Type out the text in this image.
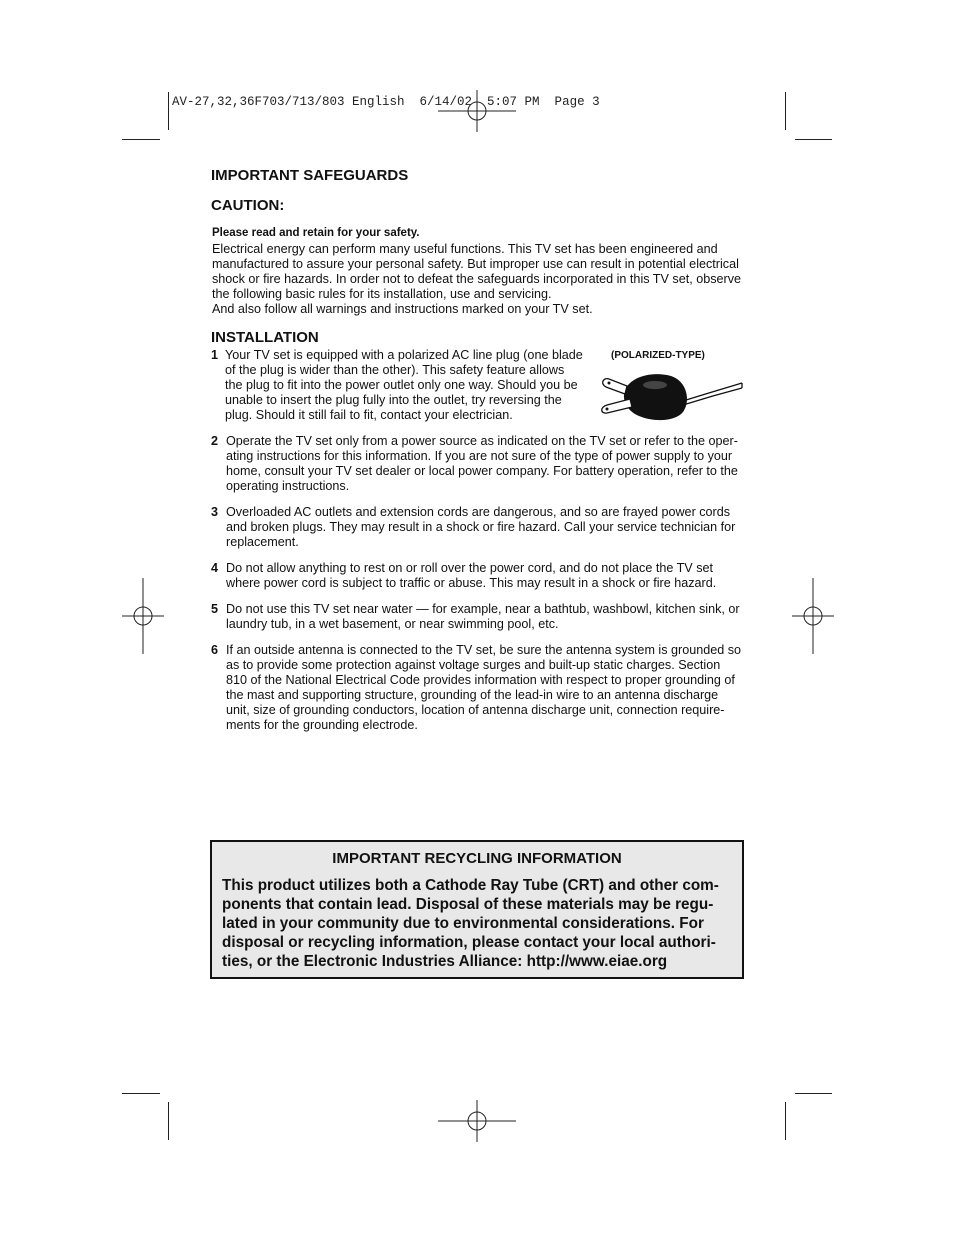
AV-27,32,36F703/713/803 English  6/14/02  5:07 PM  Page 3
IMPORTANT SAFEGUARDS
CAUTION:
Please read and retain for your safety.

Electrical energy can perform many useful functions. This TV set has been engineered and

manufactured to assure your personal safety. But improper use can result in potential electrical

shock or fire hazards. In order not to defeat the safeguards incorporated in this TV set, observe

the following basic rules for its installation, use and servicing.

And also follow all warnings and instructions marked on your TV set.

INSTALLATION
(POLARIZED-TYPE)
1 Your TV set is equipped with a polarized AC line plug (one blade
of the plug is wider than the other). This safety feature allows
the plug to fit into the power outlet only one way. Should you be
unable to insert the plug fully into the outlet, try reversing the
plug. Should it still fail to fit, contact your electrician.
2 Operate the TV set only from a power source as indicated on the TV set or refer to the oper-
ating instructions for this information. If you are not sure of the type of power supply to your
home, consult your TV set dealer or local power company. For battery operation, refer to the
operating instructions.
3 Overloaded AC outlets and extension cords are dangerous, and so are frayed power cords
and broken plugs. They may result in a shock or fire hazard. Call your service technician for
replacement.
4 Do not allow anything to rest on or roll over the power cord, and do not place the TV set
where power cord is subject to traffic or abuse. This may result in a shock or fire hazard.
5 Do not use this TV set near water — for example, near a bathtub, washbowl, kitchen sink, or
laundry tub, in a wet basement, or near swimming pool, etc.
6 If an outside antenna is connected to the TV set, be sure the antenna system is grounded so
as to provide some protection against voltage surges and built-up static charges. Section
810 of the National Electrical Code provides information with respect to proper grounding of
the mast and supporting structure, grounding of the lead-in wire to an antenna discharge
unit, size of grounding conductors, location of antenna discharge unit, connection require-
ments for the grounding electrode.
IMPORTANT RECYCLING INFORMATION
This product utilizes both a Cathode Ray Tube (CRT) and other com-
ponents that contain lead. Disposal of these materials may be regu-
lated in your community due to environmental considerations. For
disposal or recycling information, please contact your local authori-
ties, or the Electronic Industries Alliance: http://www.eiae.org
